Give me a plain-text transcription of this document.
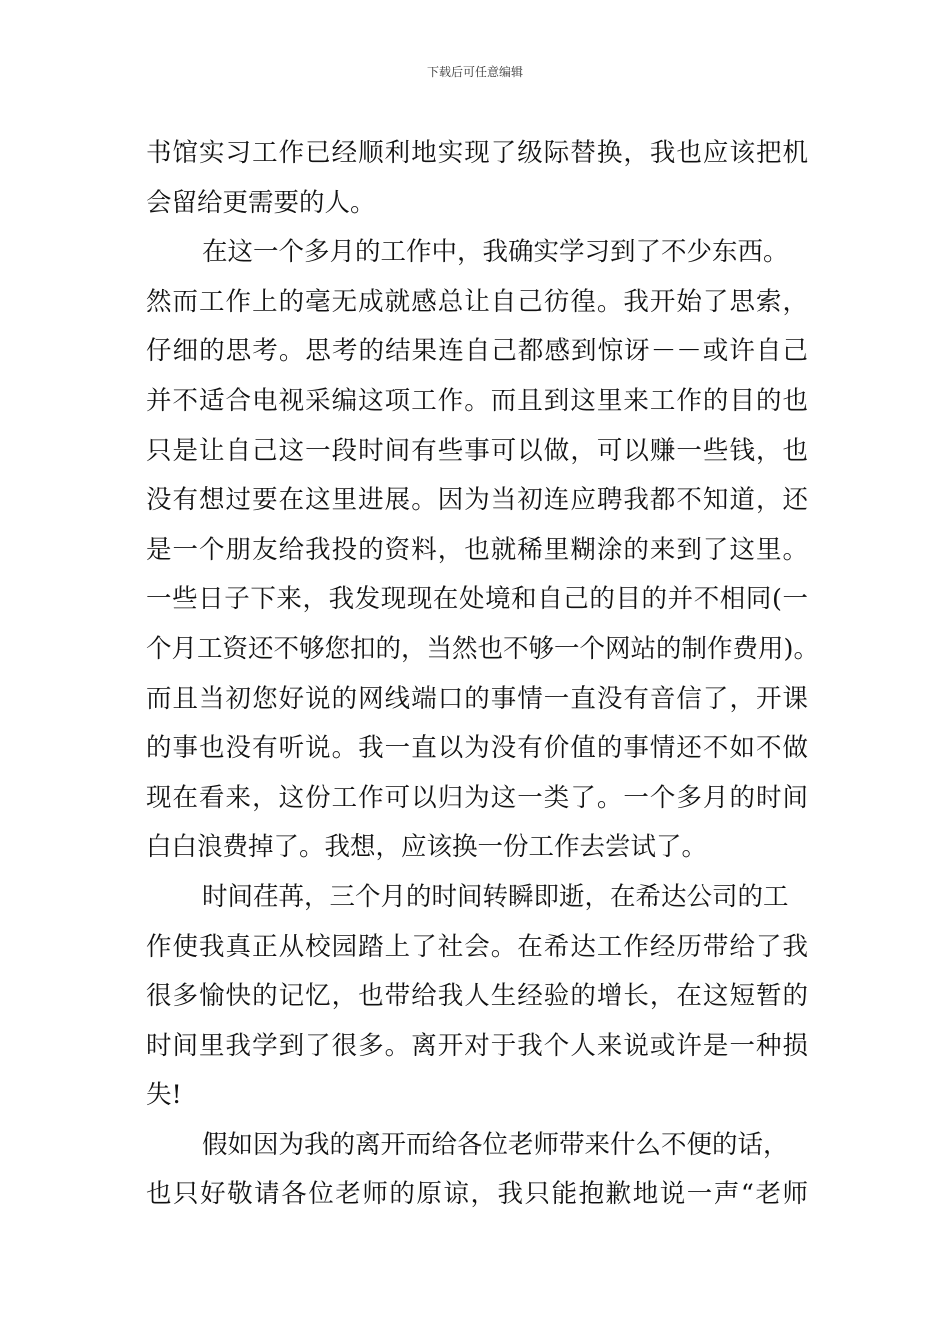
下载后可任意编辑
书馆实习工作已经顺利地实现了级际替换，我也应该把机
会留给更需要的人。
在这一个多月的工作中，我确实学习到了不少东西。
然而工作上的毫无成就感总让自己彷徨。我开始了思索，
仔细的思考。思考的结果连自己都感到惊讶－－或许自己
并不适合电视采编这项工作。而且到这里来工作的目的也
只是让自己这一段时间有些事可以做，可以赚一些钱，也
没有想过要在这里进展。因为当初连应聘我都不知道，还
是一个朋友给我投的资料，也就稀里糊涂的来到了这里。
一些日子下来，我发现现在处境和自己的目的并不相同(一
个月工资还不够您扣的，当然也不够一个网站的制作费用)。
而且当初您好说的网线端口的事情一直没有音信了，开课
的事也没有听说。我一直以为没有价值的事情还不如不做
现在看来，这份工作可以归为这一类了。一个多月的时间
白白浪费掉了。我想，应该换一份工作去尝试了。
时间荏苒，三个月的时间转瞬即逝，在希达公司的工
作使我真正从校园踏上了社会。在希达工作经历带给了我
很多愉快的记忆，也带给我人生经验的增长，在这短暂的
时间里我学到了很多。离开对于我个人来说或许是一种损
失!
假如因为我的离开而给各位老师带来什么不便的话，
也只好敬请各位老师的原谅，我只能抱歉地说一声“老师
